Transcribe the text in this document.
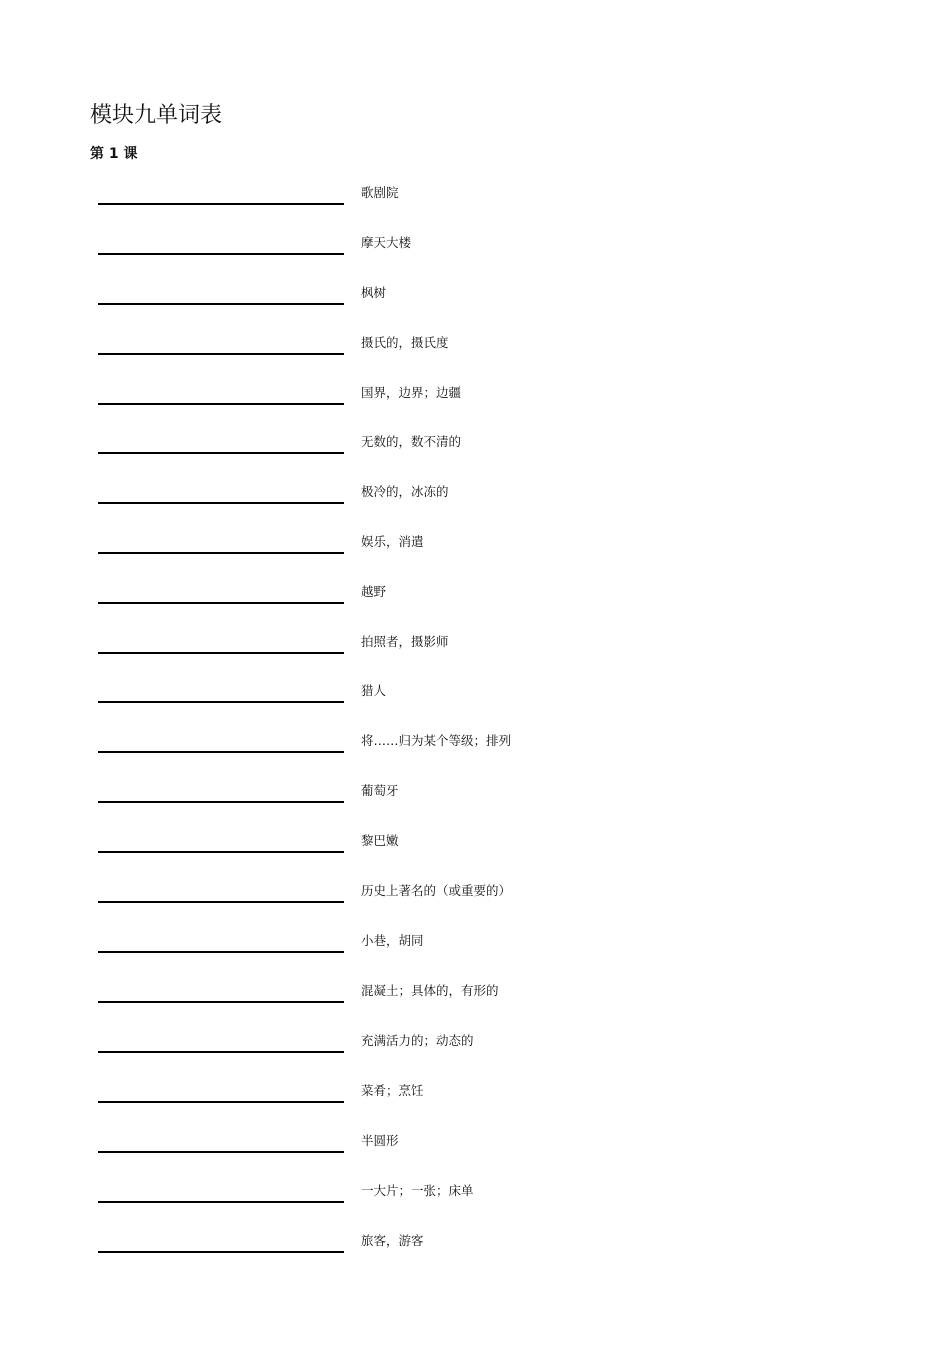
模块九单词表
第 1 课
歌剧院
摩天大楼
枫树
摄氏的，摄氏度
国界，边界；边疆
无数的，数不清的
极冷的，冰冻的
娱乐，消遣
越野
拍照者，摄影师
猎人
将……归为某个等级；排列
葡萄牙
黎巴嫩
历史上著名的（或重要的）
小巷，胡同
混凝土；具体的，有形的
充满活力的；动态的
菜肴；烹饪
半圆形
一大片；一张；床单
旅客，游客
